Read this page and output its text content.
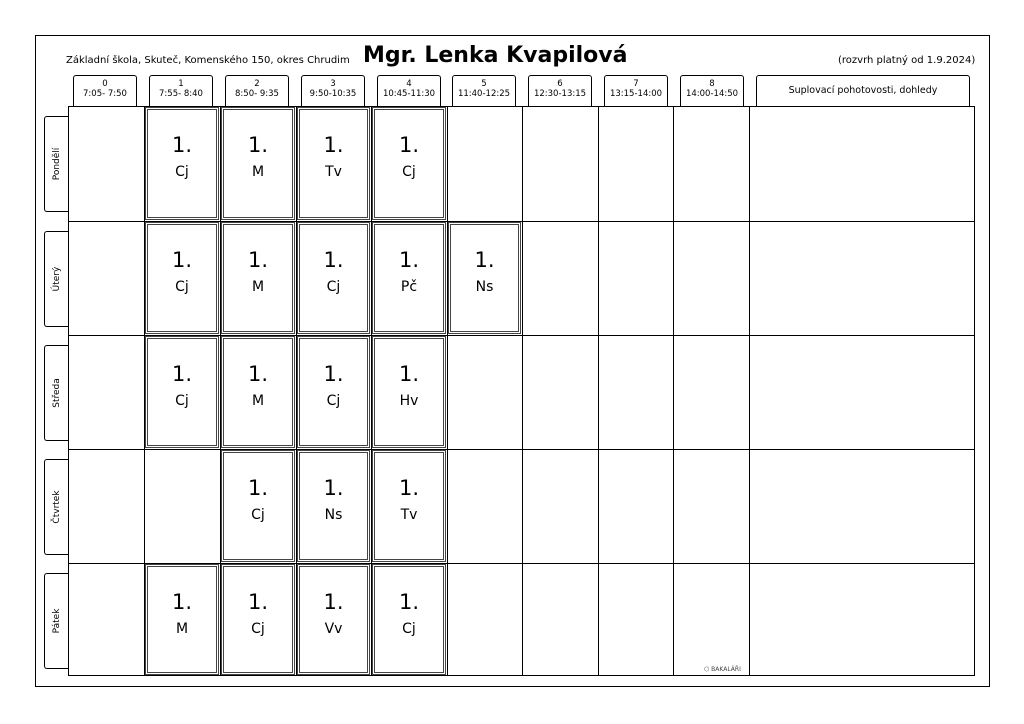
Základní škola, Skuteč, Komenského 150, okres Chrudim Mgr. Lenka Kvapilová	(rozvrh platný od 1.9.2024)
0
7:05- 7:50
1
7:55- 8:40
2
8:50- 9:35
3
9:50-10:35
4
10:45-11:30
5
11:40-12:25
6
12:30-13:15
7
13:15-14:00
8
14:00-14:50	Suplovací pohotovosti, dohledy
Pondělí
Úterý
Středa
Čtvrtek
Pátek
1.
Cj
1.
M
1.
Tv
1.
Cj
1.
Cj
1.
M
1.
Cj
1.
Pč
1.
Ns
1.
Cj
1.
M
1.
Cj
1.
Hv
1.
Cj
1.
Ns
1.
Tv
1.
M
1.
Cj
1.
Vv
1.
Cj
⬡ BAKALÁŘI
